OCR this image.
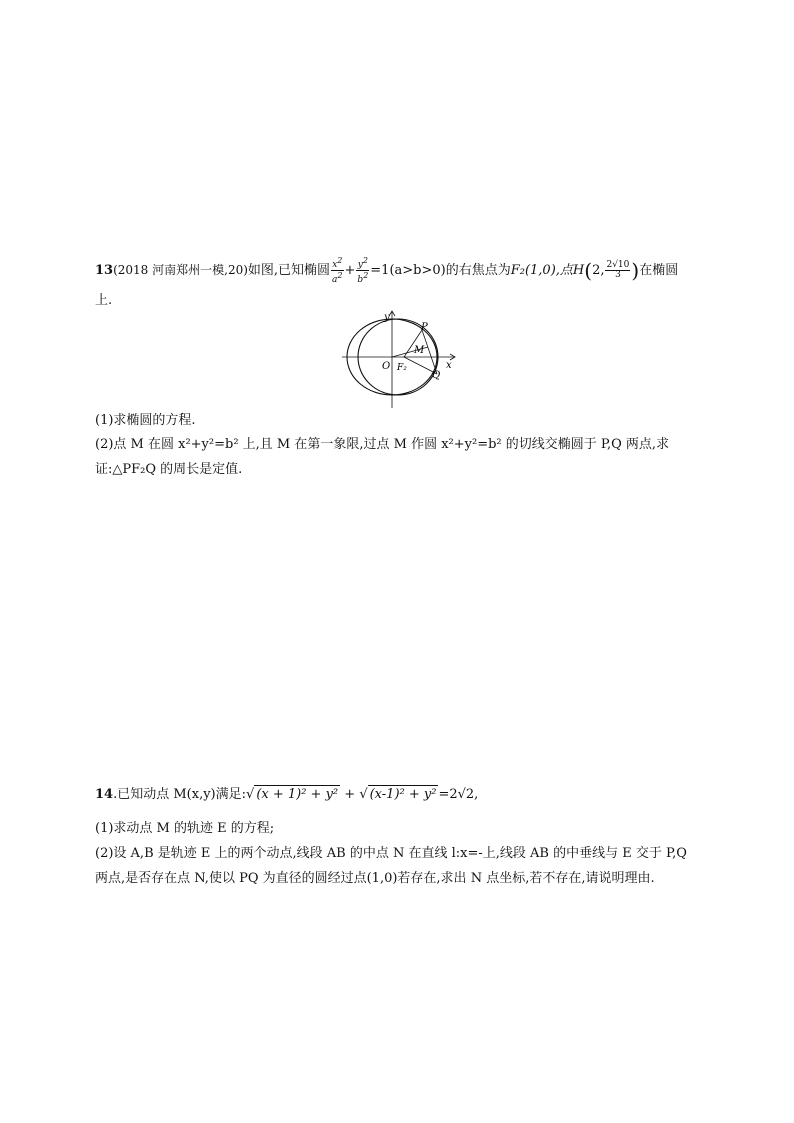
13(2018 河南郑州一模,20)如图,已知椭圆 $\frac{x^2}{a^2} + \frac{y^2}{b^2} =1(a>b>0)$的右焦点为F₂(1,0),点H(2, $\frac{2√10}{3}$ )在椭圆
上.
y
x
O F₂
P
M
Q
(1)求椭圆的方程.
(2)点 M 在圆 x²+y²=b² 上,且 M 在第一象限,过点 M 作圆 x²+y²=b² 的切线交椭圆于 P,Q 两点,求
证:△PF₂Q 的周长是定值.
14.已知动点 M(x,y)满足:√ (x + 1)² + y² + √ (x-1)² + y² =2√2,
(1)求动点 M 的轨迹 E 的方程;
(2)设 A,B 是轨迹 E 上的两个动点,线段 AB 的中点 N 在直线 l:x=-上,线段 AB 的中垂线与 E 交于 P,Q
两点,是否存在点 N,使以 PQ 为直径的圆经过点(1,0)若存在,求出 N 点坐标,若不存在,请说明理由.
